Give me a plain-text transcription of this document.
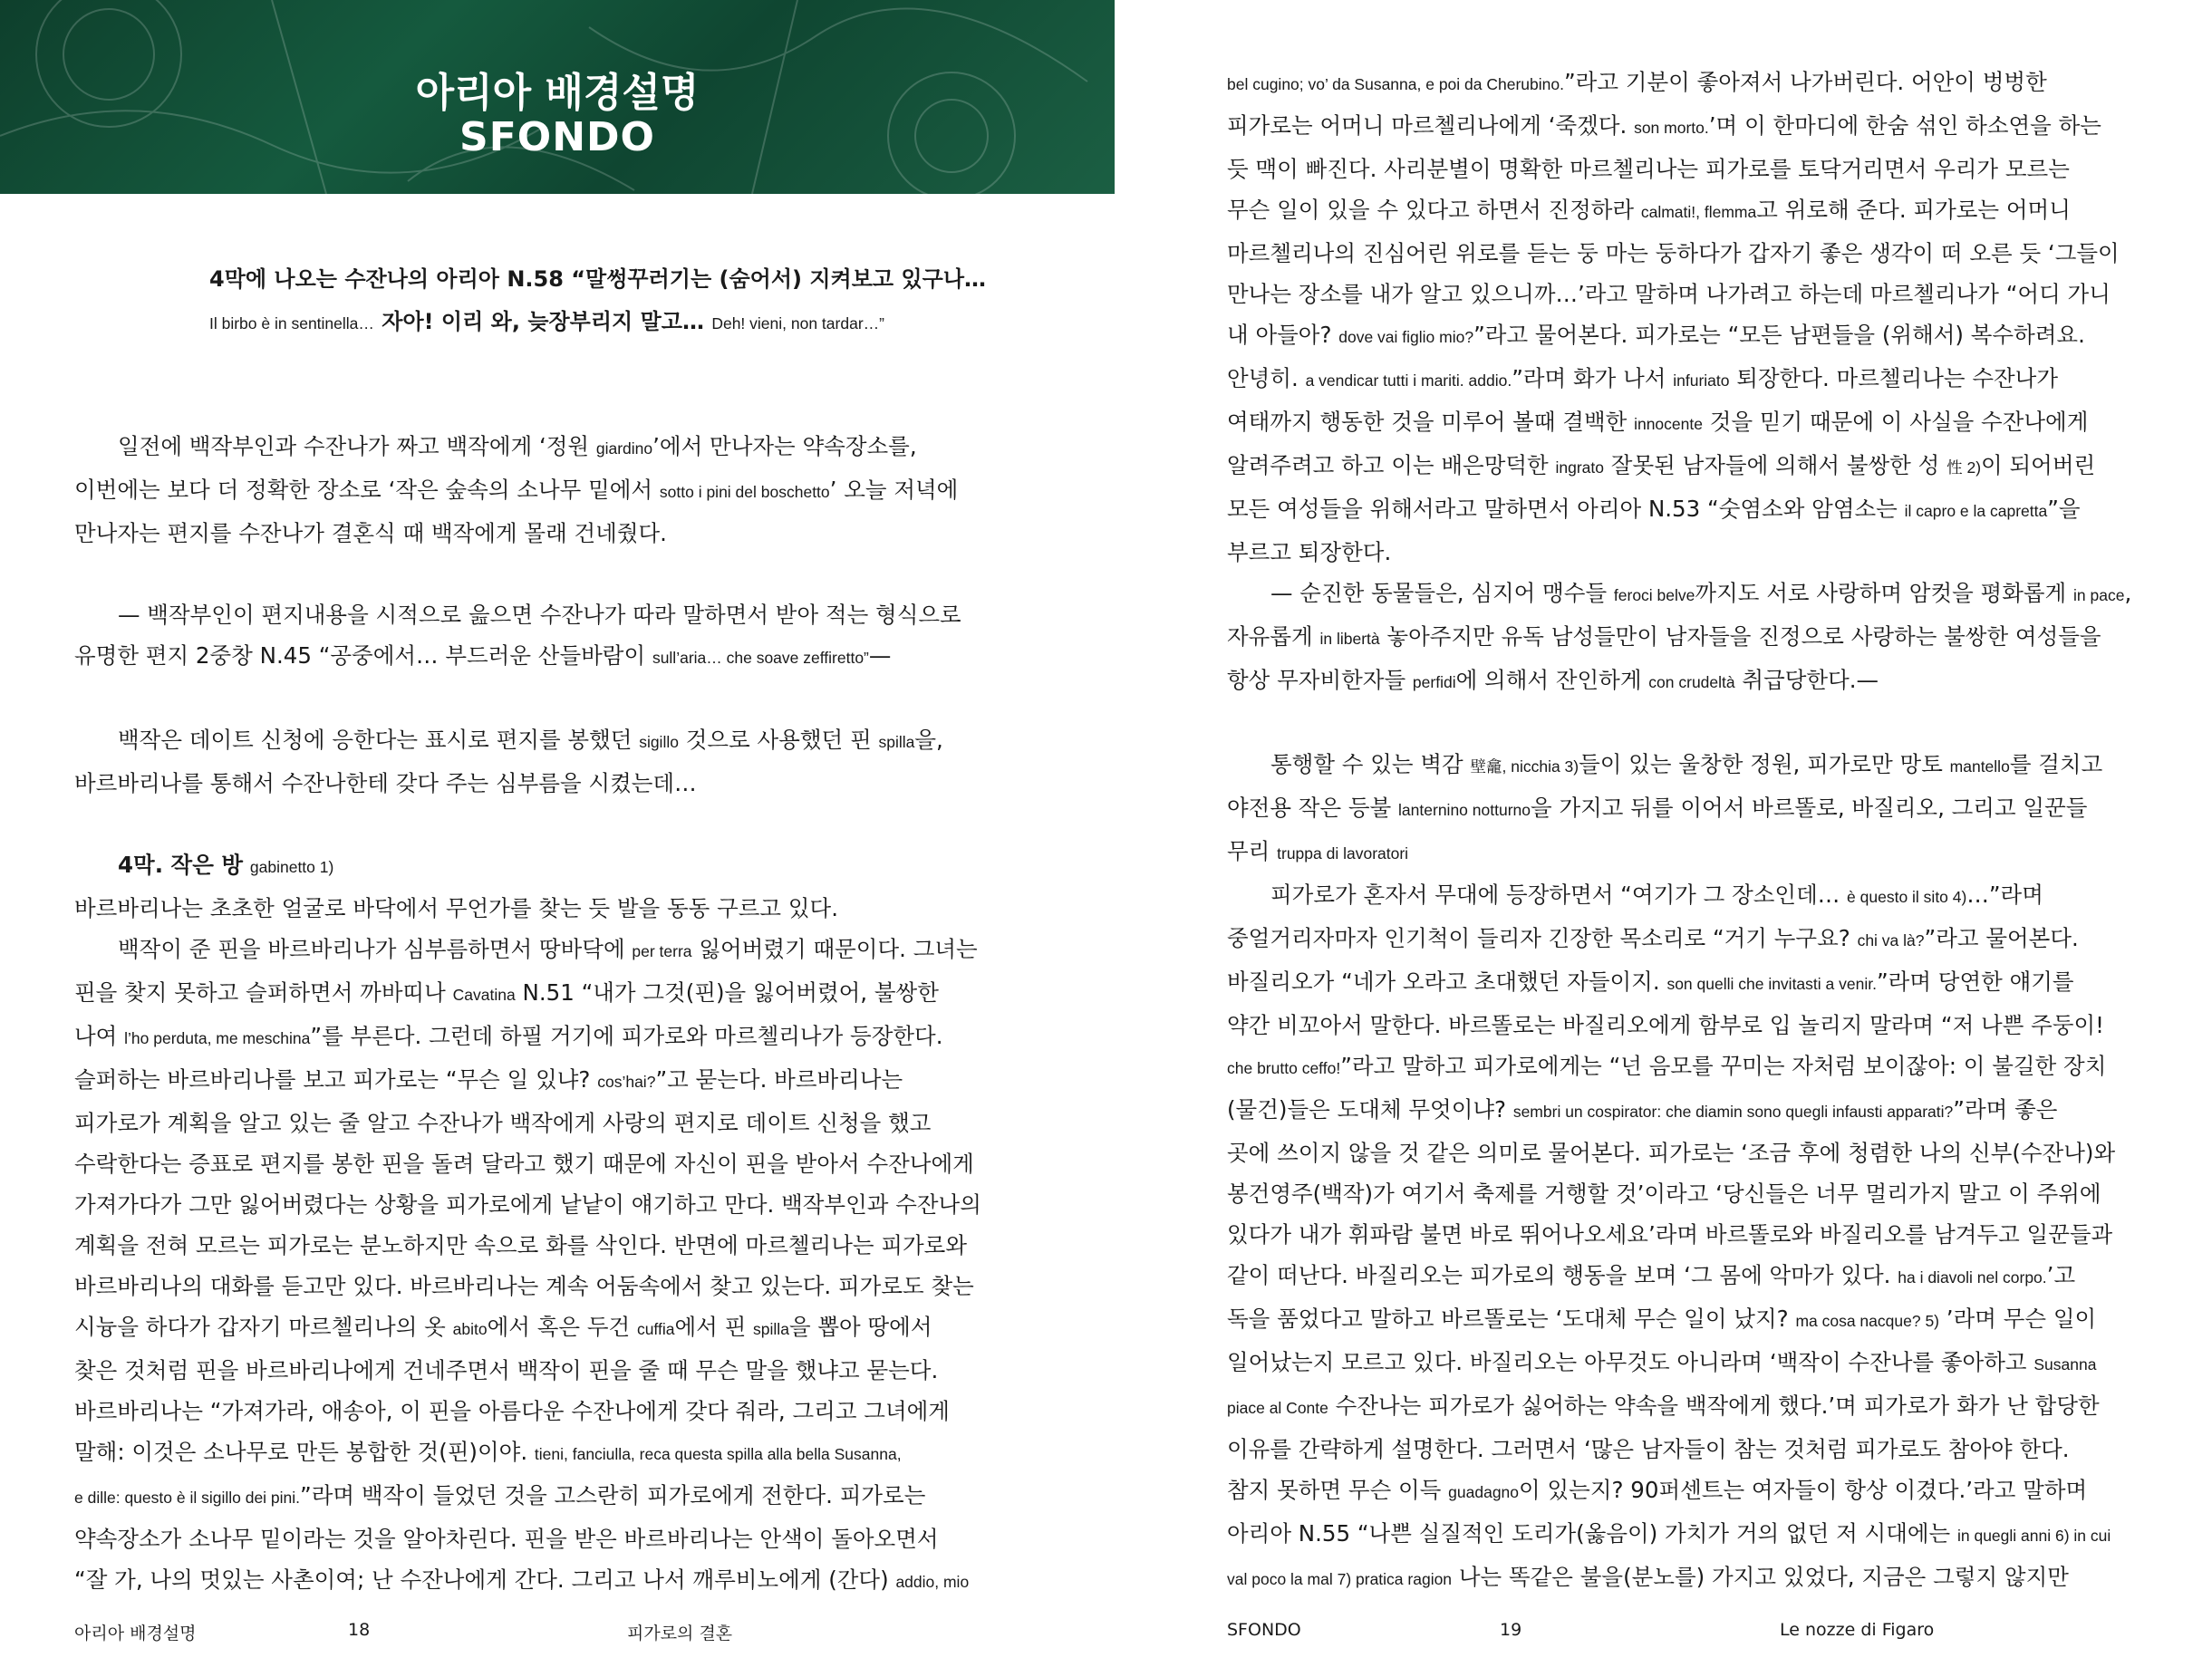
아리아 배경설명
SFONDO

4막에 나오는 수잔나의 아리아 N.58 “말썽꾸러기는 (숨어서) 지켜보고 있구나…

Il birbo è in sentinella… 자아! 이리 와, 늦장부리지 말고… Deh! vieni, non tardar…”

일전에 백작부인과 수잔나가 짜고 백작에게 ‘정원 giardino’에서 만나자는 약속장소를,

이번에는 보다 더 정확한 장소로 ‘작은 숲속의 소나무 밑에서 sotto i pini del boschetto’ 오늘 저녁에

만나자는 편지를 수잔나가 결혼식 때 백작에게 몰래 건네줬다.

— 백작부인이 편지내용을 시적으로 읊으면 수잔나가 따라 말하면서 받아 적는 형식으로

유명한 편지 2중창 N.45 “공중에서… 부드러운 산들바람이 sull’aria… che soave zeffiretto”—

백작은 데이트 신청에 응한다는 표시로 편지를 봉했던 sigillo 것으로 사용했던 핀 spilla을,

바르바리나를 통해서 수잔나한테 갖다 주는 심부름을 시켰는데…

4막. 작은 방 gabinetto 1)

바르바리나는 초초한 얼굴로 바닥에서 무언가를 찾는 듯 발을 동동 구르고 있다.

백작이 준 핀을 바르바리나가 심부름하면서 땅바닥에 per terra 잃어버렸기 때문이다. 그녀는

핀을 찾지 못하고 슬퍼하면서 까바띠나 Cavatina N.51 “내가 그것(핀)을 잃어버렸어, 불쌍한

나여 l’ho perduta, me meschina”를 부른다. 그런데 하필 거기에 피가로와 마르첼리나가 등장한다.

슬퍼하는 바르바리나를 보고 피가로는 “무슨 일 있냐? cos’hai?”고 묻는다. 바르바리나는

피가로가 계획을 알고 있는 줄 알고 수잔나가 백작에게 사랑의 편지로 데이트 신청을 했고

수락한다는 증표로 편지를 봉한 핀을 돌려 달라고 했기 때문에 자신이 핀을 받아서 수잔나에게

가져가다가 그만 잃어버렸다는 상황을 피가로에게 낱낱이 얘기하고 만다. 백작부인과 수잔나의

계획을 전혀 모르는 피가로는 분노하지만 속으로 화를 삭인다. 반면에 마르첼리나는 피가로와

바르바리나의 대화를 듣고만 있다. 바르바리나는 계속 어둠속에서 찾고 있는다. 피가로도 찾는

시늉을 하다가 갑자기 마르첼리나의 옷 abito에서 혹은 두건 cuffia에서 핀 spilla을 뽑아 땅에서

찾은 것처럼 핀을 바르바리나에게 건네주면서 백작이 핀을 줄 때 무슨 말을 했냐고 묻는다.

바르바리나는 “가져가라, 애송아, 이 핀을 아름다운 수잔나에게 갖다 줘라, 그리고 그녀에게

말해: 이것은 소나무로 만든 봉합한 것(핀)이야. tieni, fanciulla, reca questa spilla alla bella Susanna,

e dille: questo è il sigillo dei pini.”라며 백작이 들었던 것을 고스란히 피가로에게 전한다. 피가로는

약속장소가 소나무 밑이라는 것을 알아차린다. 핀을 받은 바르바리나는 안색이 돌아오면서

“잘 가, 나의 멋있는 사촌이여; 난 수잔나에게 간다. 그리고 나서 깨루비노에게 (간다) addio, mio

아리아 배경설명	18	피가로의 결혼

bel cugino; vo’ da Susanna, e poi da Cherubino.”라고 기분이 좋아져서 나가버린다. 어안이 벙벙한

피가로는 어머니 마르첼리나에게 ‘죽겠다. son morto.’며 이 한마디에 한숨 섞인 하소연을 하는

듯 맥이 빠진다. 사리분별이 명확한 마르첼리나는 피가로를 토닥거리면서 우리가 모르는

무슨 일이 있을 수 있다고 하면서 진정하라 calmati!, flemma고 위로해 준다. 피가로는 어머니

마르첼리나의 진심어린 위로를 듣는 둥 마는 둥하다가 갑자기 좋은 생각이 떠 오른 듯 ‘그들이

만나는 장소를 내가 알고 있으니까…’라고 말하며 나가려고 하는데 마르첼리나가 “어디 가니

내 아들아? dove vai figlio mio?”라고 물어본다. 피가로는 “모든 남편들을 (위해서) 복수하려요.

안녕히. a vendicar tutti i mariti. addio.”라며 화가 나서 infuriato 퇴장한다. 마르첼리나는 수잔나가

여태까지 행동한 것을 미루어 볼때 결백한 innocente 것을 믿기 때문에 이 사실을 수잔나에게

알려주려고 하고 이는 배은망덕한 ingrato 잘못된 남자들에 의해서 불쌍한 성 性 2)이 되어버린

모든 여성들을 위해서라고 말하면서 아리아 N.53 “숫염소와 암염소는 il capro e la capretta”을

부르고 퇴장한다.

— 순진한 동물들은, 심지어 맹수들 feroci belve까지도 서로 사랑하며 암컷을 평화롭게 in pace,

자유롭게 in libertà 놓아주지만 유독 남성들만이 남자들을 진정으로 사랑하는 불쌍한 여성들을

항상 무자비한자들 perfidi에 의해서 잔인하게 con crudeltà 취급당한다.—

통행할 수 있는 벽감 壁龕, nicchia 3)들이 있는 울창한 정원, 피가로만 망토 mantello를 걸치고

야전용 작은 등불 lanternino notturno을 가지고 뒤를 이어서 바르똘로, 바질리오, 그리고 일꾼들

무리 truppa di lavoratori

피가로가 혼자서 무대에 등장하면서 “여기가 그 장소인데… è questo il sito 4)…”라며

중얼거리자마자 인기척이 들리자 긴장한 목소리로 “거기 누구요? chi va là?”라고 물어본다.

바질리오가 “네가 오라고 초대했던 자들이지. son quelli che invitasti a venir.”라며 당연한 얘기를

약간 비꼬아서 말한다. 바르똘로는 바질리오에게 함부로 입 놀리지 말라며 “저 나쁜 주둥이!

che brutto ceffo!”라고 말하고 피가로에게는 “넌 음모를 꾸미는 자처럼 보이잖아: 이 불길한 장치

(물건)들은 도대체 무엇이냐? sembri un cospirator: che diamin sono quegli infausti apparati?”라며 좋은

곳에 쓰이지 않을 것 같은 의미로 물어본다. 피가로는 ‘조금 후에 청렴한 나의 신부(수잔나)와

봉건영주(백작)가 여기서 축제를 거행할 것’이라고 ‘당신들은 너무 멀리가지 말고 이 주위에

있다가 내가 휘파람 불면 바로 뛰어나오세요’라며 바르똘로와 바질리오를 남겨두고 일꾼들과

같이 떠난다. 바질리오는 피가로의 행동을 보며 ‘그 몸에 악마가 있다. ha i diavoli nel corpo.’고

독을 품었다고 말하고 바르똘로는 ‘도대체 무슨 일이 났지? ma cosa nacque? 5) ’라며 무슨 일이

일어났는지 모르고 있다. 바질리오는 아무것도 아니라며 ‘백작이 수잔나를 좋아하고 Susanna

piace al Conte 수잔나는 피가로가 싫어하는 약속을 백작에게 했다.’며 피가로가 화가 난 합당한

이유를 간략하게 설명한다. 그러면서 ‘많은 남자들이 참는 것처럼 피가로도 참아야 한다.

참지 못하면 무슨 이득 guadagno이 있는지? 90퍼센트는 여자들이 항상 이겼다.’라고 말하며

아리아 N.55 “나쁜 실질적인 도리가(옳음이) 가치가 거의 없던 저 시대에는 in quegli anni 6) in cui

val poco la mal 7) pratica ragion 나는 똑같은 불을(분노를) 가지고 있었다, 지금은 그렇지 않지만

SFONDO	19	Le nozze di Figaro
